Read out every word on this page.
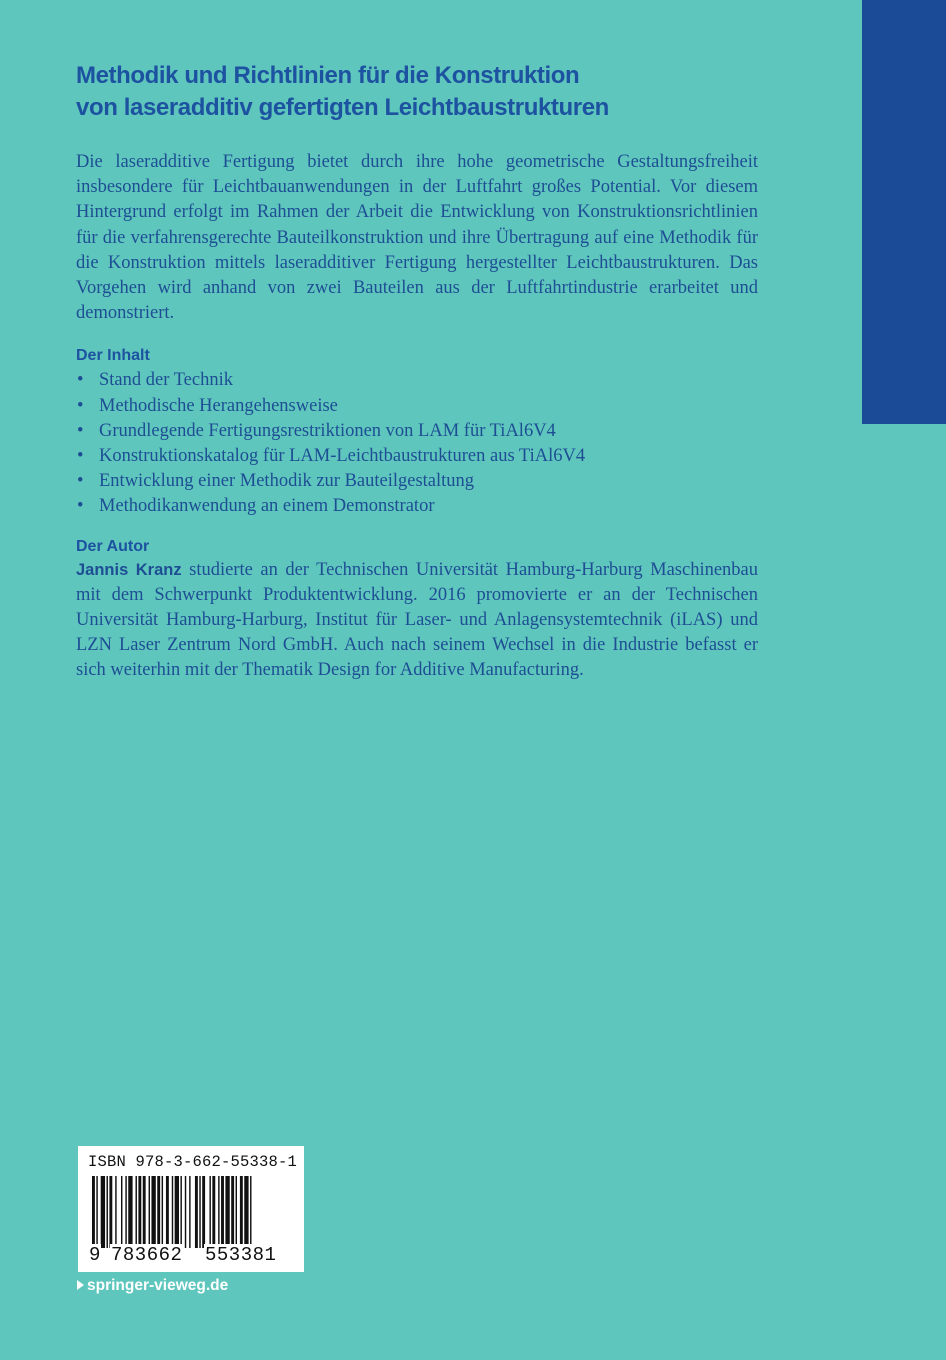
Methodik und Richtlinien für die Konstruktion
von laseradditiv gefertigten Leichtbaustrukturen

Die laseradditive Fertigung bietet durch ihre hohe geometrische Gestaltungsfreiheit insbesondere für Leichtbauanwendungen in der Luftfahrt großes Potential. Vor diesem Hintergrund erfolgt im Rahmen der Arbeit die Entwicklung von Konstruktionsrichtlinien für die verfahrensgerechte Bauteilkonstruktion und ihre Übertragung auf eine Methodik für die Konstruktion mittels laseradditiver Fertigung hergestellter Leichtbaustrukturen. Das Vorgehen wird anhand von zwei Bauteilen aus der Luftfahrtindustrie erarbeitet und demonstriert.

Der Inhalt
• Stand der Technik
• Methodische Herangehensweise
• Grundlegende Fertigungsrestriktionen von LAM für TiAl6V4
• Konstruktionskatalog für LAM-Leichtbaustrukturen aus TiAl6V4
• Entwicklung einer Methodik zur Bauteilgestaltung
• Methodikanwendung an einem Demonstrator
Der Autor

Jannis Kranz studierte an der Technischen Universität Hamburg-Harburg Maschinenbau mit dem Schwerpunkt Produktentwicklung. 2016 promovierte er an der Technischen Universität Hamburg-Harburg, Institut für Laser- und Anlagensystemtechnik (iLAS) und LZN Laser Zentrum Nord GmbH. Auch nach seinem Wechsel in die Industrie befasst er sich weiterhin mit der Thematik Design for Additive Manufacturing.

ISBN 978-3-662-55338-1
9 783662 553381
springer-vieweg.de
